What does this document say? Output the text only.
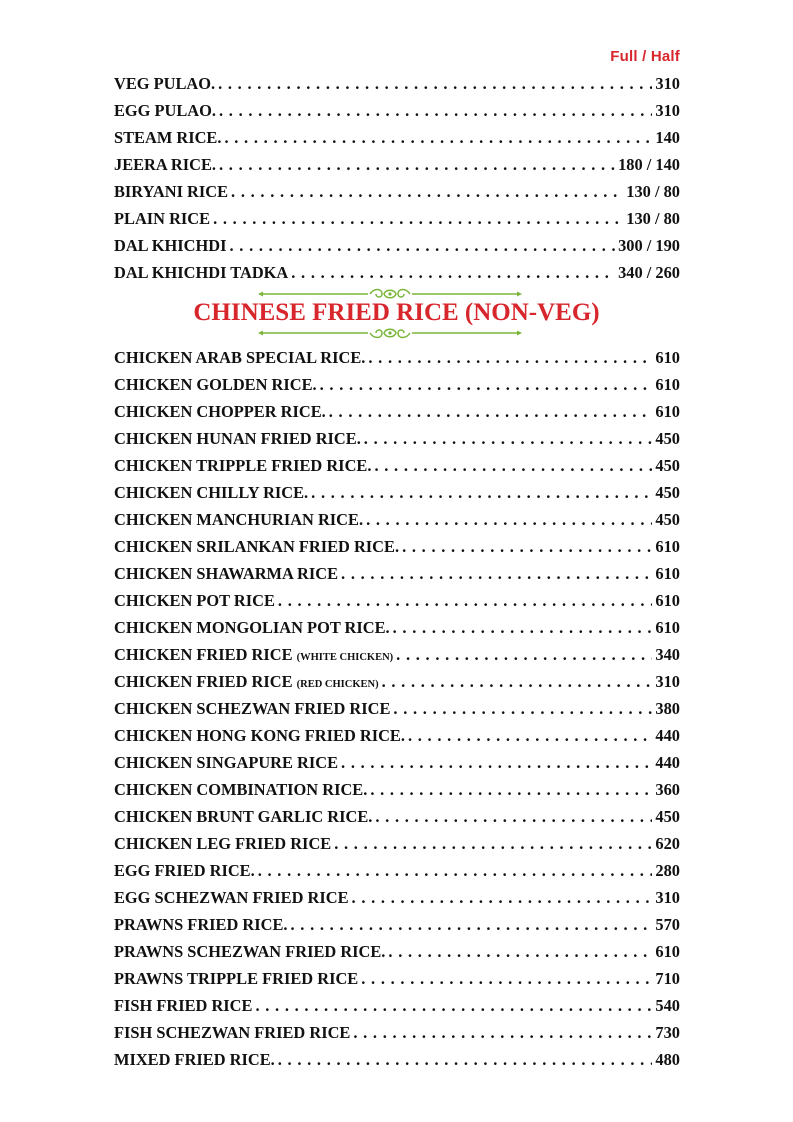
Full / Half
VEG PULAO. . . .	310
EGG PULAO. . . .	310
STEAM RICE. . . .	140
JEERA RICE. . . .	180 / 140
BIRYANI RICE . . .	130 / 80
PLAIN RICE . . .	130 / 80
DAL KHICHDI . . .	300 / 190
DAL KHICHDI TADKA . . .	340 / 260
CHINESE FRIED RICE (NON-VEG)
CHICKEN ARAB SPECIAL RICE. . . .	610
CHICKEN GOLDEN RICE. . . .	610
CHICKEN CHOPPER RICE. . . .	610
CHICKEN HUNAN FRIED RICE. . . .	450
CHICKEN TRIPPLE FRIED RICE. . . .	450
CHICKEN CHILLY RICE. . . .	450
CHICKEN MANCHURIAN RICE. . . .	450
CHICKEN SRILANKAN FRIED RICE. . . .	610
CHICKEN SHAWARMA RICE . . .	610
CHICKEN POT RICE . . .	610
CHICKEN MONGOLIAN POT RICE. . . .	610
CHICKEN FRIED RICE (WHITE CHICKEN) . . .	340
CHICKEN FRIED RICE (RED CHICKEN) . . .	310
CHICKEN SCHEZWAN FRIED RICE . . .	380
CHICKEN HONG KONG FRIED RICE. . . .	440
CHICKEN SINGAPURE RICE . . .	440
CHICKEN COMBINATION RICE. . . .	360
CHICKEN BRUNT GARLIC RICE. . . .	450
CHICKEN LEG FRIED RICE . . .	620
EGG FRIED RICE. . . .	280
EGG SCHEZWAN FRIED RICE . . .	310
PRAWNS FRIED RICE. . . .	570
PRAWNS SCHEZWAN FRIED RICE. . . .	610
PRAWNS TRIPPLE FRIED RICE . . .	710
FISH FRIED RICE . . .	540
FISH SCHEZWAN FRIED RICE . . .	730
MIXED FRIED RICE. . . .	480
